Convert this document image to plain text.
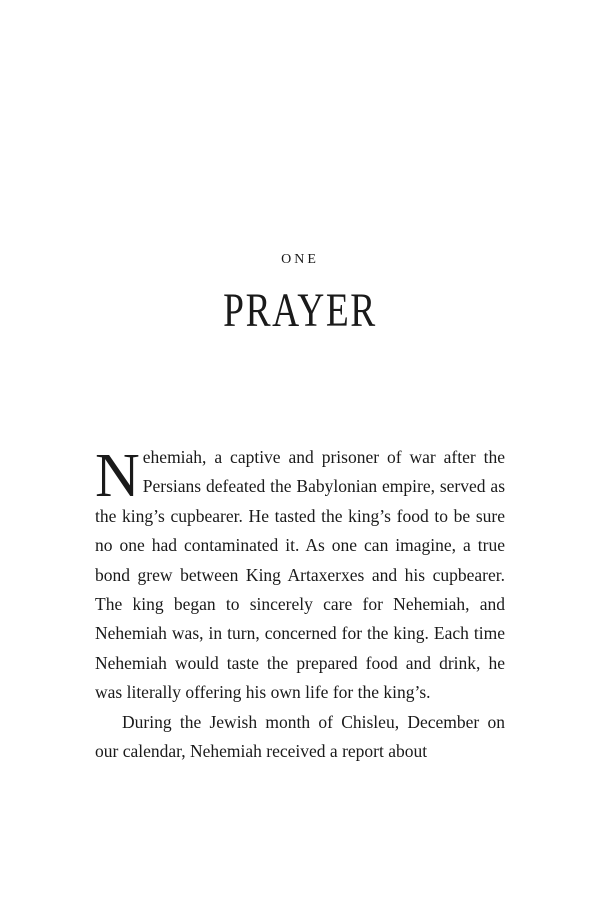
ONE
PRAYER

Nehemiah, a captive and prisoner of war after the Persians defeated the Babylonian empire, served as the king’s cupbearer. He tasted the king’s food to be sure no one had contaminated it. As one can imagine, a true bond grew between King Artaxerxes and his cupbearer. The king began to sincerely care for Nehemiah, and Nehemiah was, in turn, concerned for the king. Each time Nehemiah would taste the prepared food and drink, he was literally offering his own life for the king’s.

During the Jewish month of Chisleu, December on our calendar, Nehemiah received a report about
